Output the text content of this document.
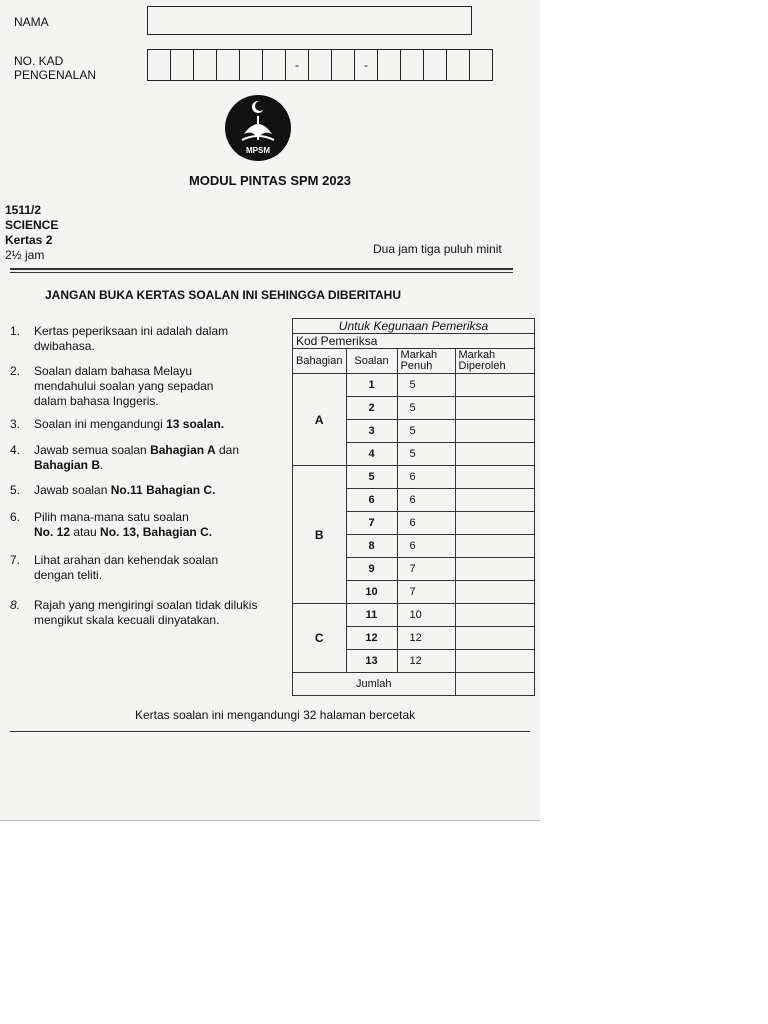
NAMA
NO. KAD
PENGENALAN
-	-
MPSM
MODUL PINTAS SPM 2023
1511/2
SCIENCE
Kertas 2
2½ jam	Dua jam tiga puluh minit
JANGAN BUKA KERTAS SOALAN INI SEHINGGA DIBERITAHU
1.	Kertas peperiksaan ini adalah dalam dwibahasa.
2.	Soalan dalam bahasa Melayu mendahului soalan yang sepadan dalam bahasa Inggeris.
3.	Soalan ini mengandungi 13 soalan.
4.	Jawab semua soalan Bahagian A dan
Bahagian B.
5.	Jawab soalan No.11 Bahagian C.
6.	Pilih mana-mana satu soalan
No. 12 atau No. 13, Bahagian C.
7.	Lihat arahan dan kehendak soalan dengan teliti.
8.	Rajah yang mengiringi soalan tidak dilukis mengikut skala kecuali dinyatakan.
Untuk Kegunaan Pemeriksa			
Kod Pemeriksa			
Bahagian	Soalan	Markah Penuh	Markah Diperoleh
A	1	5	
	2	5	
	3	5	
	4	5	
B	5	6	
	6	6	
	7	6	
	8	6	
	9	7	
	10	7	
C	11	10	
	12	12	
	13	12	
Jumlah			
Kertas soalan ini mengandungi 32 halaman bercetak
